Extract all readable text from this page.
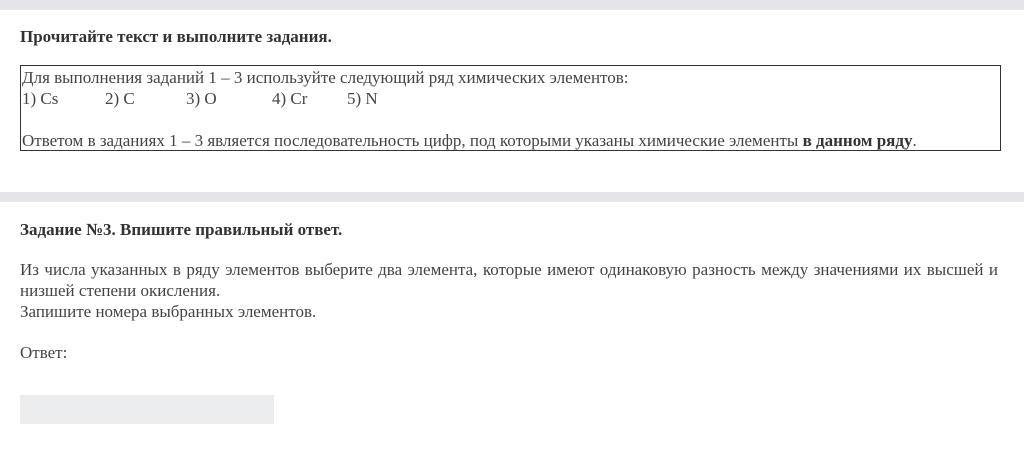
Прочитайте текст и выполните задания.
Для выполнения заданий 1 – 3 используйте следующий ряд химических элементов:
1) Cs	2) C	3) O	4) Cr 5) N
Ответом в заданиях 1 – 3 является последовательность цифр, под которыми указаны химические элементы в данном ряду.
Задание №3. Впишите правильный ответ.

Из числа указанных в ряду элементов выберите два элемента, которые имеют одинаковую разность между значениями их высшей и низшей степени окисления.

Запишите номера выбранных элементов.

Ответ:
